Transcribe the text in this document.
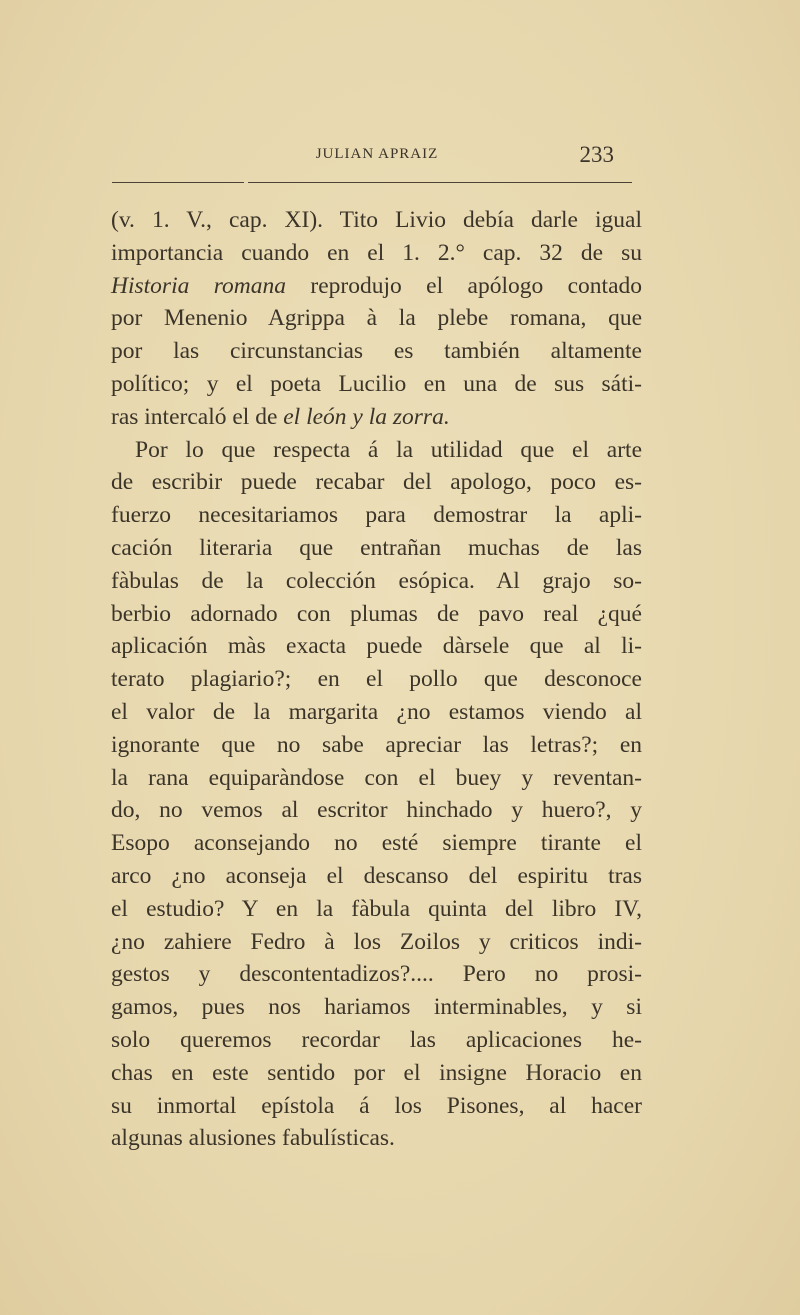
JULIAN APRAIZ	233
(v. 1. V., cap. XI). Tito Livio debía darle igual
importancia cuando en el 1. 2.° cap. 32 de su
Historia romana reprodujo el apólogo contado
por Menenio Agrippa à la plebe romana, que
por las circunstancias es también altamente
político; y el poeta Lucilio en una de sus sáti-
ras intercaló el de el león y la zorra.
Por lo que respecta á la utilidad que el arte
de escribir puede recabar del apologo, poco es-
fuerzo necesitariamos para demostrar la apli-
cación literaria que entrañan muchas de las
fàbulas de la colección esópica. Al grajo so-
berbio adornado con plumas de pavo real ¿qué
aplicación màs exacta puede dàrsele que al li-
terato plagiario?; en el pollo que desconoce
el valor de la margarita ¿no estamos viendo al
ignorante que no sabe apreciar las letras?; en
la rana equiparàndose con el buey y reventan-
do, no vemos al escritor hinchado y huero?, y
Esopo aconsejando no esté siempre tirante el
arco ¿no aconseja el descanso del espiritu tras
el estudio? Y en la fàbula quinta del libro IV,
¿no zahiere Fedro à los Zoilos y criticos indi-
gestos y descontentadizos?.... Pero no prosi-
gamos, pues nos hariamos interminables, y si
solo queremos recordar las aplicaciones he-
chas en este sentido por el insigne Horacio en
su inmortal epístola á los Pisones, al hacer
algunas alusiones fabulísticas.
